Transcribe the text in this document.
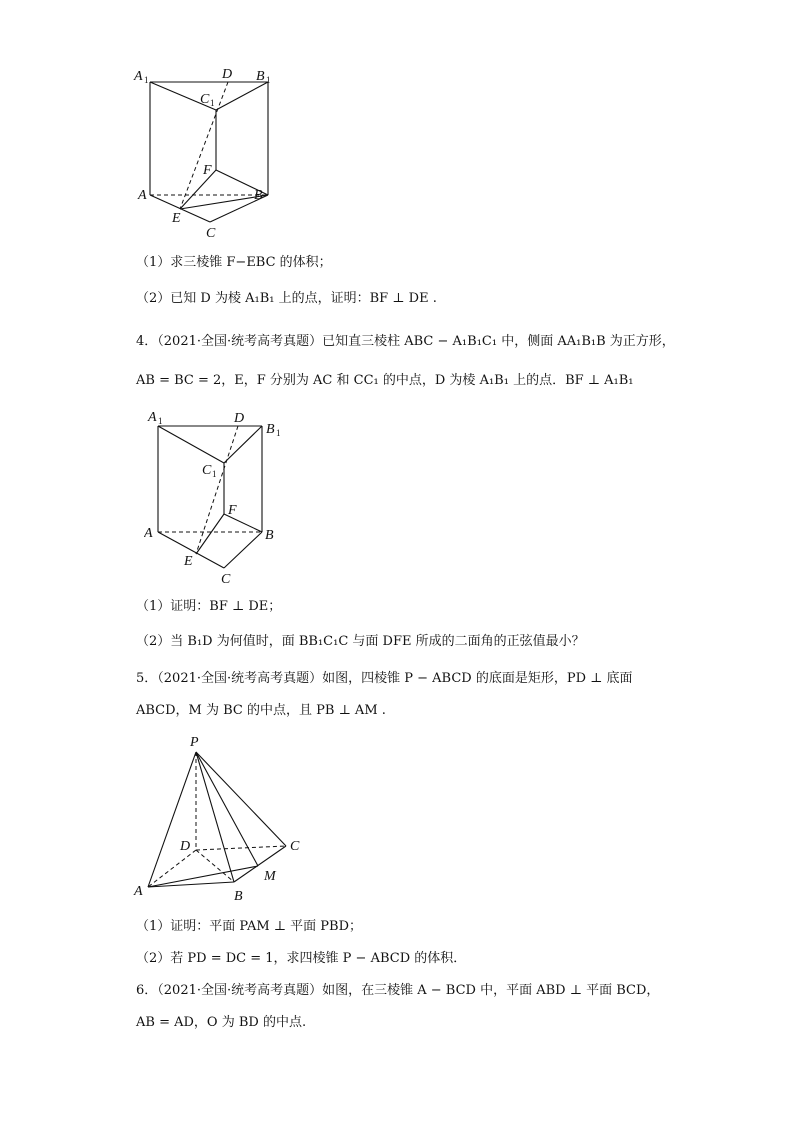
A 1	D B 1
C 1
F
A	B
E
C
（1）求三棱锥 F−EBC 的体积；
（2）已知 D 为棱 A₁B₁ 上的点，证明：BF ⊥ DE .
4．（2021·全国·统考高考真题）已知直三棱柱 ABC − A₁B₁C₁ 中，侧面 AA₁B₁B 为正方形，
AB = BC = 2，E，F 分别为 AC 和 CC₁ 的中点，D 为棱 A₁B₁ 上的点．BF ⊥ A₁B₁
A 1	D
B 1
C 1
F
A	B
E
C
（1）证明：BF ⊥ DE；
（2）当 B₁D 为何值时，面 BB₁C₁C 与面 DFE 所成的二面角的正弦值最小？
5．（2021·全国·统考高考真题）如图，四棱锥 P − ABCD 的底面是矩形，PD ⊥ 底面
ABCD，M 为 BC 的中点，且 PB ⊥ AM .
P
D	C
A	B
M
（1）证明：平面 PAM ⊥ 平面 PBD；
（2）若 PD = DC = 1，求四棱锥 P − ABCD 的体积．
6．（2021·全国·统考高考真题）如图，在三棱锥 A − BCD 中，平面 ABD ⊥ 平面 BCD，
AB = AD，O 为 BD 的中点.
